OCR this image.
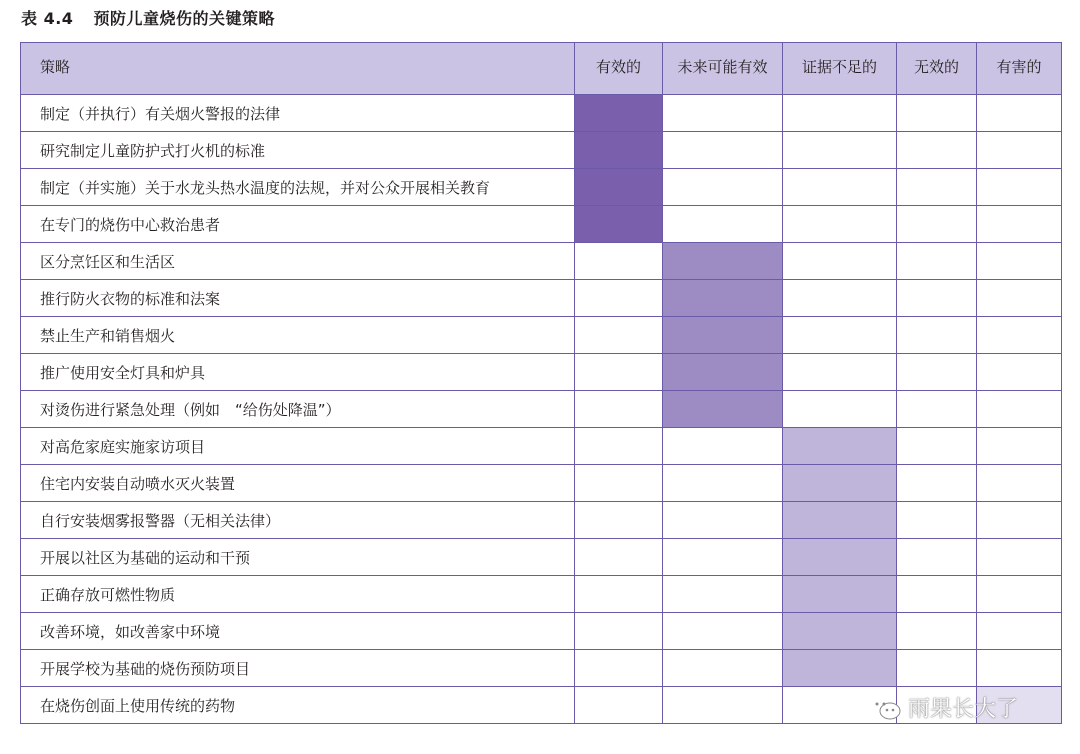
表 4.4 预防儿童烧伤的关键策略
策略	有效的	未来可能有效	证据不足的	无效的	有害的
制定（并执行）有关烟火警报的法律					
研究制定儿童防护式打火机的标准					
制定（并实施）关于水龙头热水温度的法规，并对公众开展相关教育					
在专门的烧伤中心救治患者					
区分烹饪区和生活区					
推行防火衣物的标准和法案					
禁止生产和销售烟火					
推广使用安全灯具和炉具					
对烫伤进行紧急处理（例如　“给伤处降温”）					
对高危家庭实施家访项目					
住宅内安装自动喷水灭火装置					
自行安装烟雾报警器（无相关法律）					
开展以社区为基础的运动和干预					
正确存放可燃性物质					
改善环境，如改善家中环境					
开展学校为基础的烧伤预防项目					
在烧伤创面上使用传统的药物						雨果长大了
